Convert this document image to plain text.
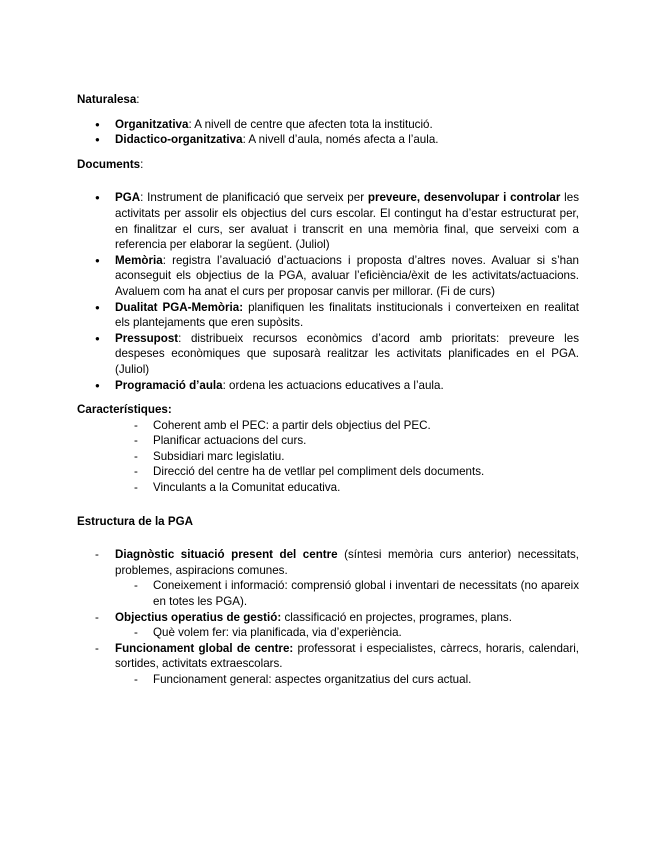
Naturalesa:

● Organitzativa: A nivell de centre que afecten tota la institució.
● Didactico-organitzativa: A nivell d’aula, només afecta a l’aula.

Documents:

● PGA: Instrument de planificació que serveix per preveure, desenvolupar i controlar les activitats per assolir els objectius del curs escolar. El contingut ha d’estar estructurat per, en finalitzar el curs, ser avaluat i transcrit en una memòria final, que serveixi com a referencia per elaborar la següent. (Juliol)
● Memòria: registra l’avaluació d’actuacions i proposta d’altres noves. Avaluar si s’han aconseguit els objectius de la PGA, avaluar l’eficiència/èxit de les activitats/actuacions. Avaluem com ha anat el curs per proposar canvis per millorar. (Fi de curs)
● Dualitat PGA-Memòria: planifiquen les finalitats institucionals i converteixen en realitat els plantejaments que eren supòsits.
● Pressupost: distribueix recursos econòmics d’acord amb prioritats: preveure les despeses econòmiques que suposarà realitzar les activitats planificades en el PGA. (Juliol)
● Programació d’aula: ordena les actuacions educatives a l’aula.

Característiques:

- Coherent amb el PEC: a partir dels objectius del PEC.
- Planificar actuacions del curs.
- Subsidiari marc legislatiu.
- Direcció del centre ha de vetllar pel compliment dels documents.
- Vinculants a la Comunitat educativa.

Estructura de la PGA

- Diagnòstic situació present del centre (síntesi memòria curs anterior) necessitats, problemes, aspiracions comunes.
- Coneixement i informació: comprensió global i inventari de necessitats (no apareix en totes les PGA).
- Objectius operatius de gestió: classificació en projectes, programes, plans.
- Què volem fer: via planificada, via d’experiència.
- Funcionament global de centre: professorat i especialistes, càrrecs, horaris, calendari, sortides, activitats extraescolars.
- Funcionament general: aspectes organitzatius del curs actual.
